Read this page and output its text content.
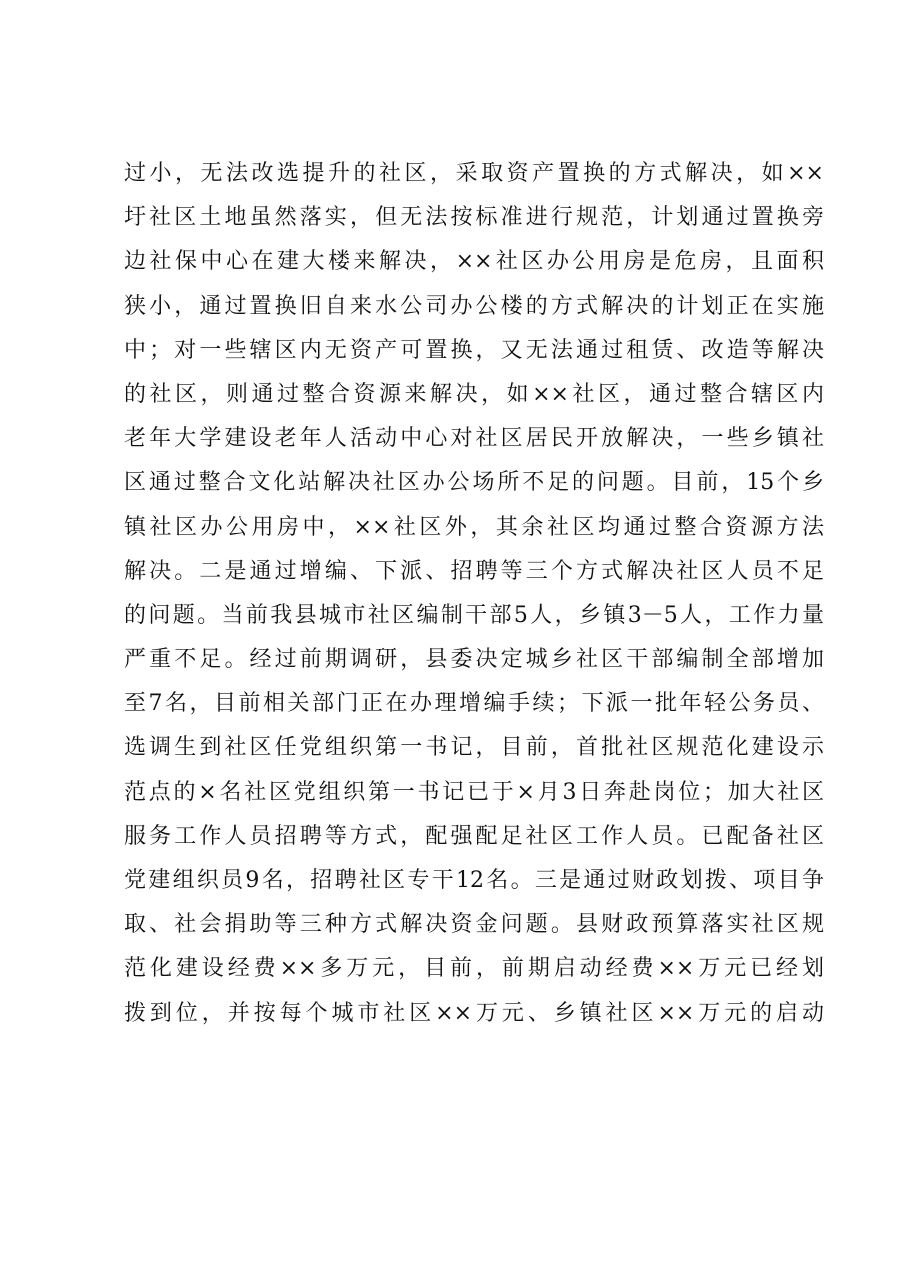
过小，无法改选提升的社区，采取资产置换的方式解决，如××
圩社区土地虽然落实，但无法按标准进行规范，计划通过置换旁
边社保中心在建大楼来解决，××社区办公用房是危房，且面积
狭小，通过置换旧自来水公司办公楼的方式解决的计划正在实施
中；对一些辖区内无资产可置换，又无法通过租赁、改造等解决
的社区，则通过整合资源来解决，如××社区，通过整合辖区内
老年大学建设老年人活动中心对社区居民开放解决，一些乡镇社
区通过整合文化站解决社区办公场所不足的问题。目前，15个乡
镇社区办公用房中，××社区外，其余社区均通过整合资源方法
解决。二是通过增编、下派、招聘等三个方式解决社区人员不足
的问题。当前我县城市社区编制干部5人，乡镇3－5人，工作力量
严重不足。经过前期调研，县委决定城乡社区干部编制全部增加
至7名，目前相关部门正在办理增编手续；下派一批年轻公务员、
选调生到社区任党组织第一书记，目前，首批社区规范化建设示
范点的×名社区党组织第一书记已于×月3日奔赴岗位；加大社区
服务工作人员招聘等方式，配强配足社区工作人员。已配备社区
党建组织员9名，招聘社区专干12名。三是通过财政划拨、项目争
取、社会捐助等三种方式解决资金问题。县财政预算落实社区规
范化建设经费××多万元，目前，前期启动经费××万元已经划
拨到位，并按每个城市社区××万元、乡镇社区××万元的启动
